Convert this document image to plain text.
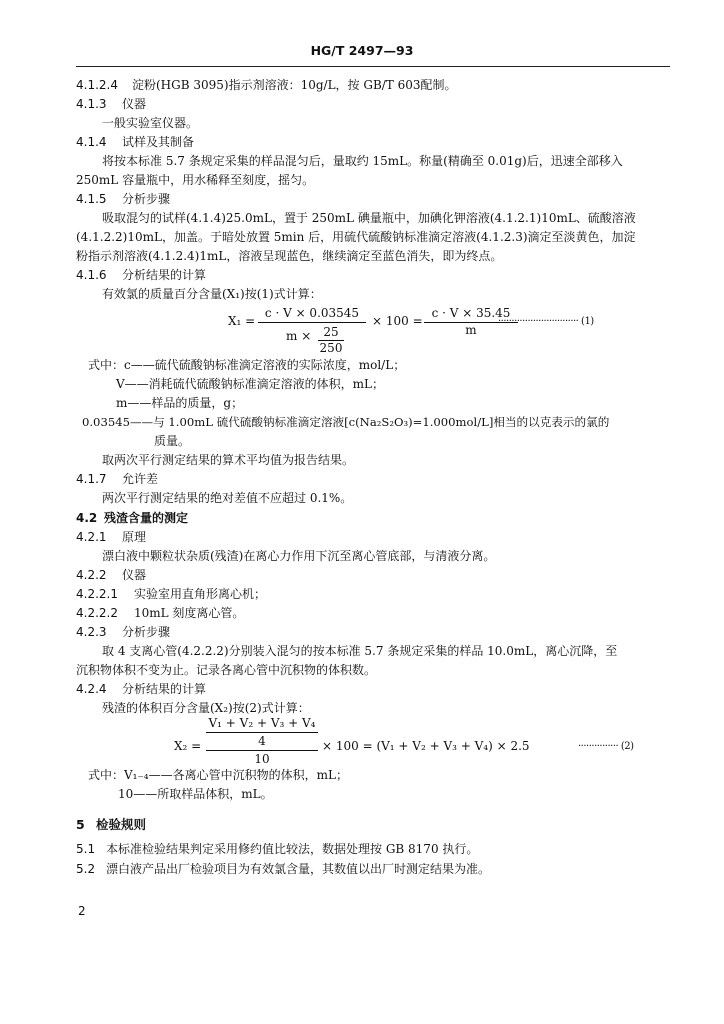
HG/T 2497—93
4.1.2.4 淀粉(HGB 3095)指示剂溶液：10g/L，按 GB/T 603配制。
4.1.3 仪器
一般实验室仪器。
4.1.4 试样及其制备
将按本标准 5.7 条规定采集的样品混匀后，量取约 15mL。称量(精确至 0.01g)后，迅速全部移入
250mL 容量瓶中，用水稀释至刻度，摇匀。
4.1.5 分析步骤
吸取混匀的试样(4.1.4)25.0mL，置于 250mL 碘量瓶中，加碘化钾溶液(4.1.2.1)10mL、硫酸溶液
(4.1.2.2)10mL，加盖。于暗处放置 5min 后，用硫代硫酸钠标准滴定溶液(4.1.2.3)滴定至淡黄色，加淀
粉指示剂溶液(4.1.2.4)1mL，溶液呈现蓝色，继续滴定至蓝色消失，即为终点。
4.1.6 分析结果的计算
有效氯的质量百分含量(X₁)按(1)式计算：
X₁ =
c · V × 0.03545
m ×	25
250
× 100 =
c · V × 35.45
m
······························ (1)
式中：c——硫代硫酸钠标准滴定溶液的实际浓度，mol/L；
V——消耗硫代硫酸钠标准滴定溶液的体积，mL；
m——样品的质量，g；
0.03545——与 1.00mL 硫代硫酸钠标准滴定溶液[c(Na₂S₂O₃)=1.000mol/L]相当的以克表示的氯的
质量。
取两次平行测定结果的算术平均值为报告结果。
4.1.7 允许差
两次平行测定结果的绝对差值不应超过 0.1%。
4.2 残渣含量的测定
4.2.1 原理
漂白液中颗粒状杂质(残渣)在离心力作用下沉至离心管底部，与清液分离。
4.2.2 仪器
4.2.2.1 实验室用直角形离心机；
4.2.2.2 10mL 刻度离心管。
4.2.3 分析步骤
取 4 支离心管(4.2.2.2)分别装入混匀的按本标准 5.7 条规定采集的样品 10.0mL，离心沉降，至
沉积物体积不变为止。记录各离心管中沉积物的体积数。
4.2.4 分析结果的计算
残渣的体积百分含量(X₂)按(2)式计算：
X₂ =
V₁ + V₂ + V₃ + V₄
4
10
× 100 = (V₁ + V₂ + V₃ + V₄) × 2.5	··············· (2)
式中：V₁₋₄——各离心管中沉积物的体积，mL；
10——所取样品体积，mL。
5 检验规则
5.1 本标准检验结果判定采用修约值比较法，数据处理按 GB 8170 执行。
5.2 漂白液产品出厂检验项目为有效氯含量，其数值以出厂时测定结果为准。
2
